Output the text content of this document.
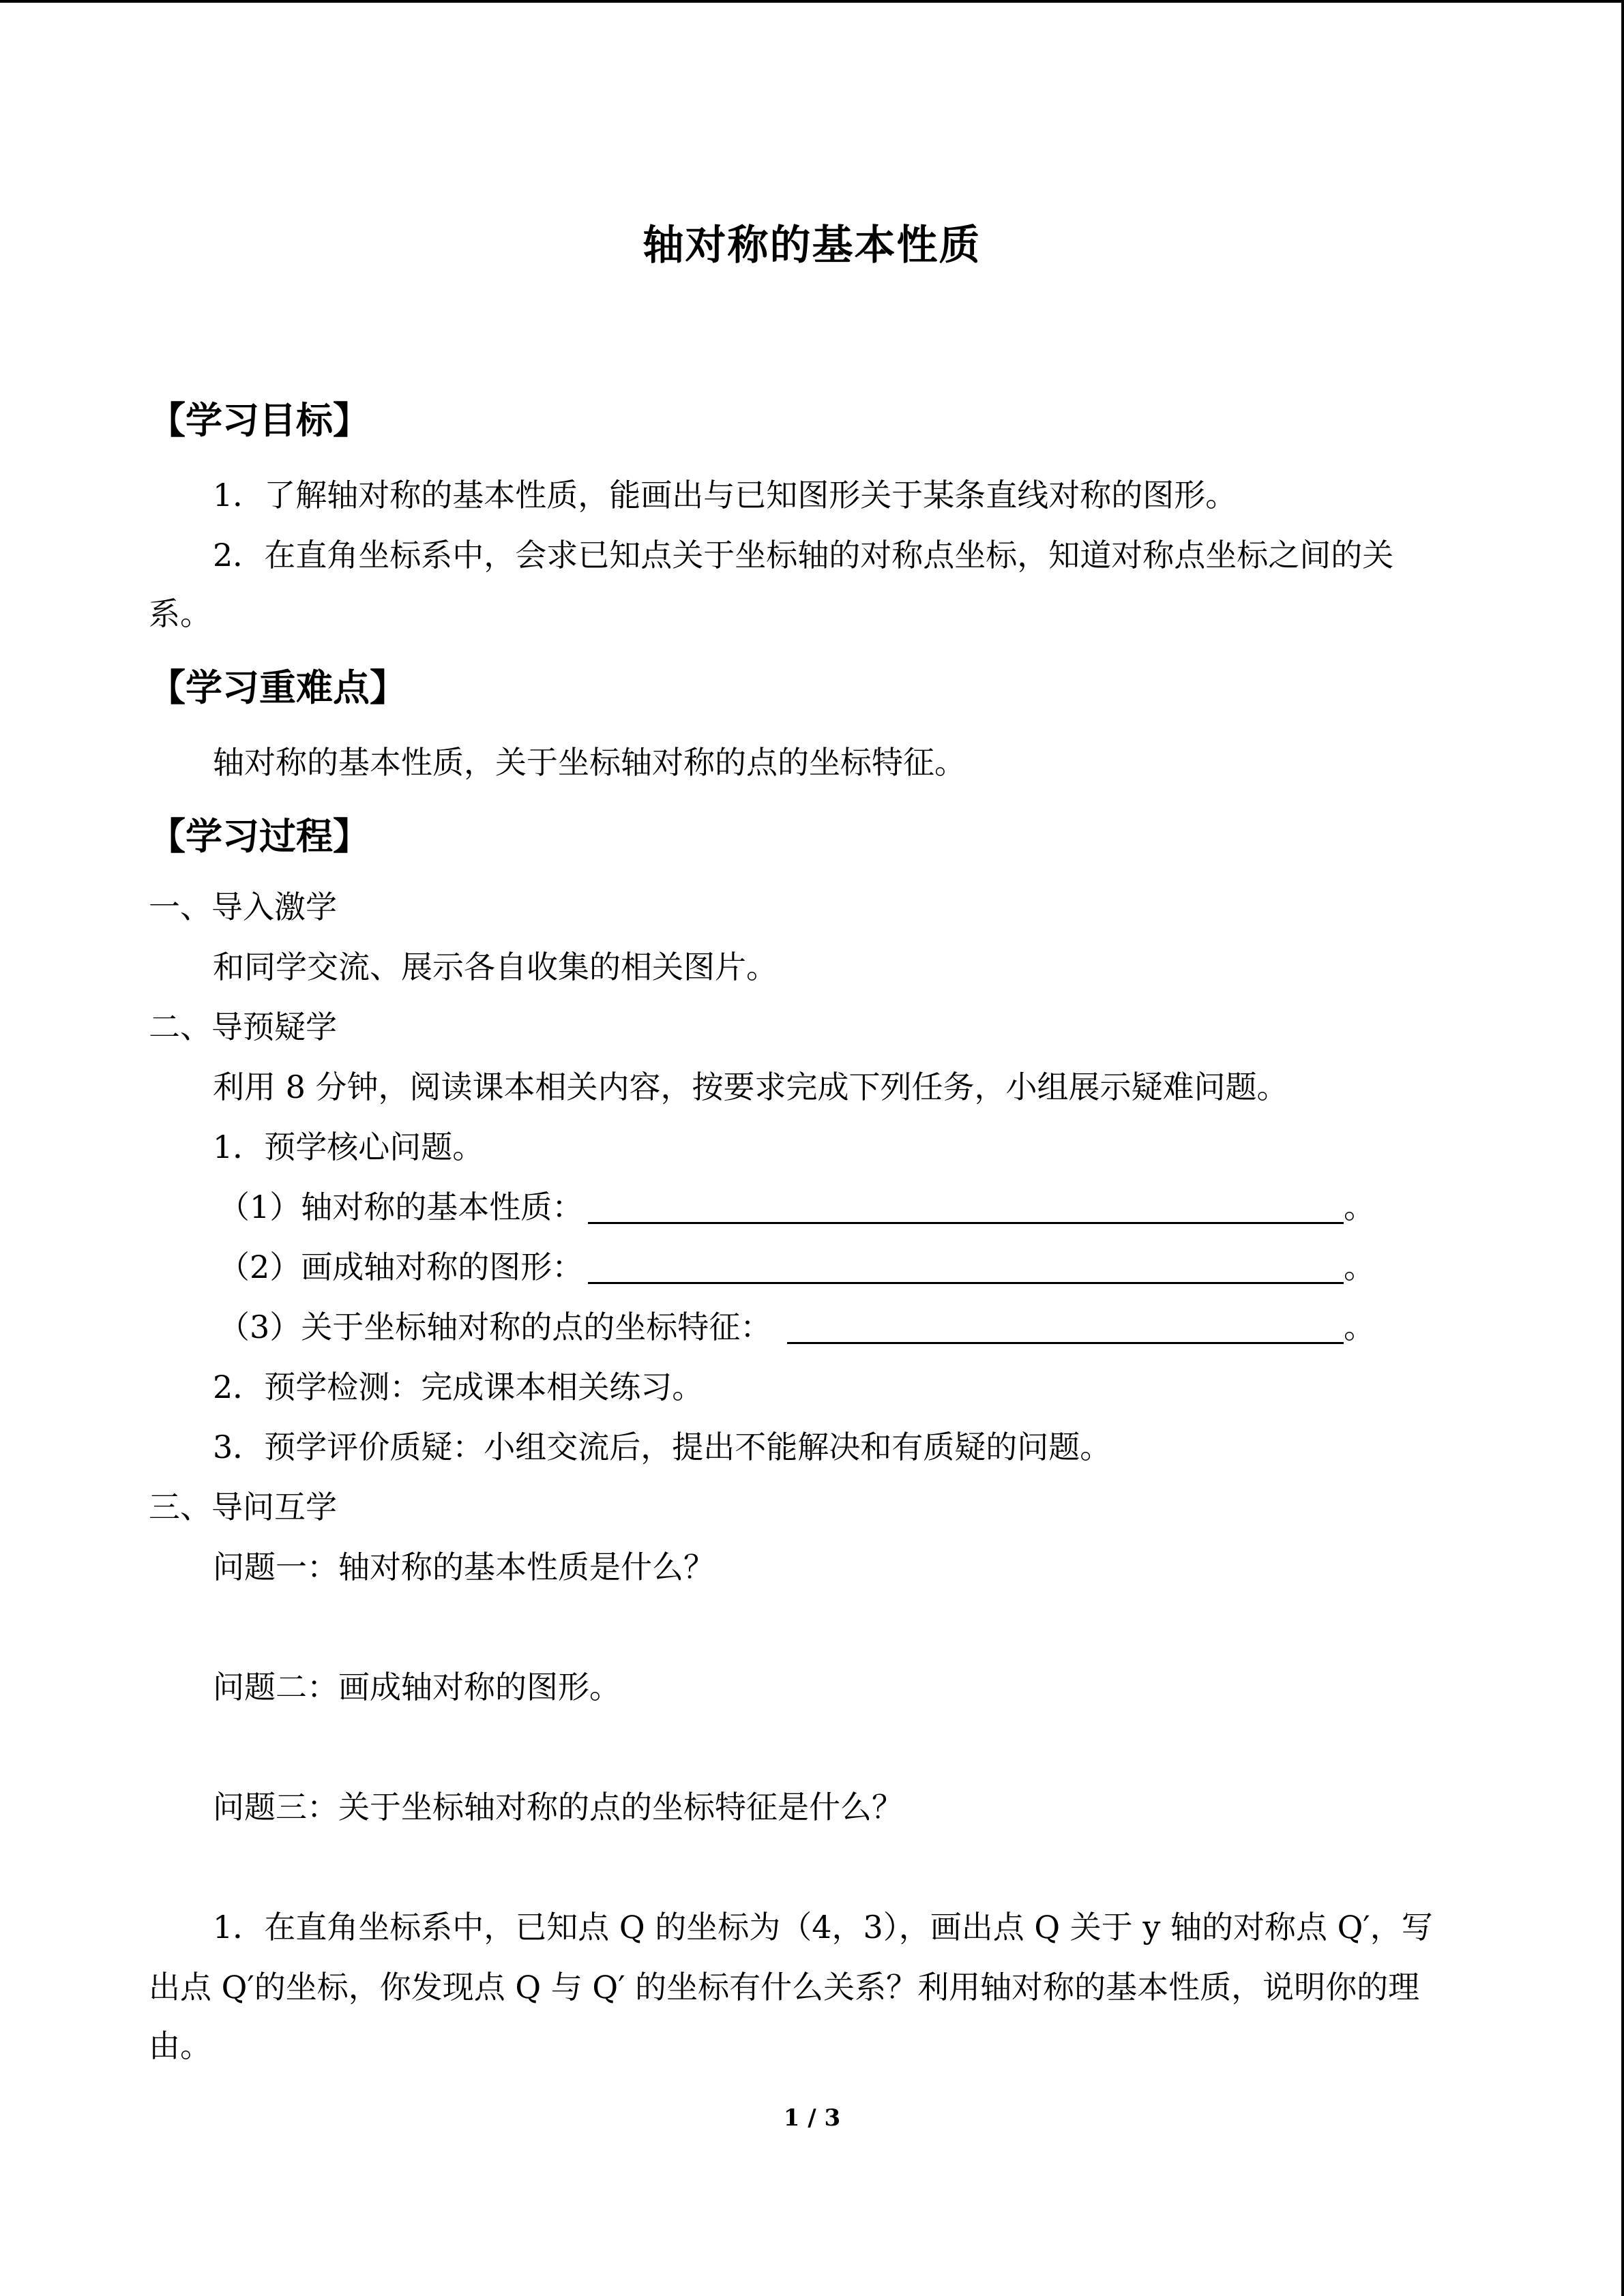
轴对称的基本性质
【学习目标】
1．了解轴对称的基本性质，能画出与已知图形关于某条直线对称的图形。
2．在直角坐标系中，会求已知点关于坐标轴的对称点坐标，知道对称点坐标之间的关
系。
【学习重难点】
轴对称的基本性质，关于坐标轴对称的点的坐标特征。
【学习过程】
一、导入激学
和同学交流、展示各自收集的相关图片。
二、导预疑学
利用 8 分钟，阅读课本相关内容，按要求完成下列任务，小组展示疑难问题。
1．预学核心问题。
（1）轴对称的基本性质：	。
（2）画成轴对称的图形：	。
（3）关于坐标轴对称的点的坐标特征：	。
2．预学检测：完成课本相关练习。
3．预学评价质疑：小组交流后，提出不能解决和有质疑的问题。
三、导问互学
问题一：轴对称的基本性质是什么？
问题二：画成轴对称的图形。
问题三：关于坐标轴对称的点的坐标特征是什么？
1．在直角坐标系中，已知点 Q 的坐标为（4，3），画出点 Q 关于 y 轴的对称点 Q′，写
出点 Q′的坐标，你发现点 Q 与 Q′ 的坐标有什么关系？利用轴对称的基本性质，说明你的理
由。
1 / 3
